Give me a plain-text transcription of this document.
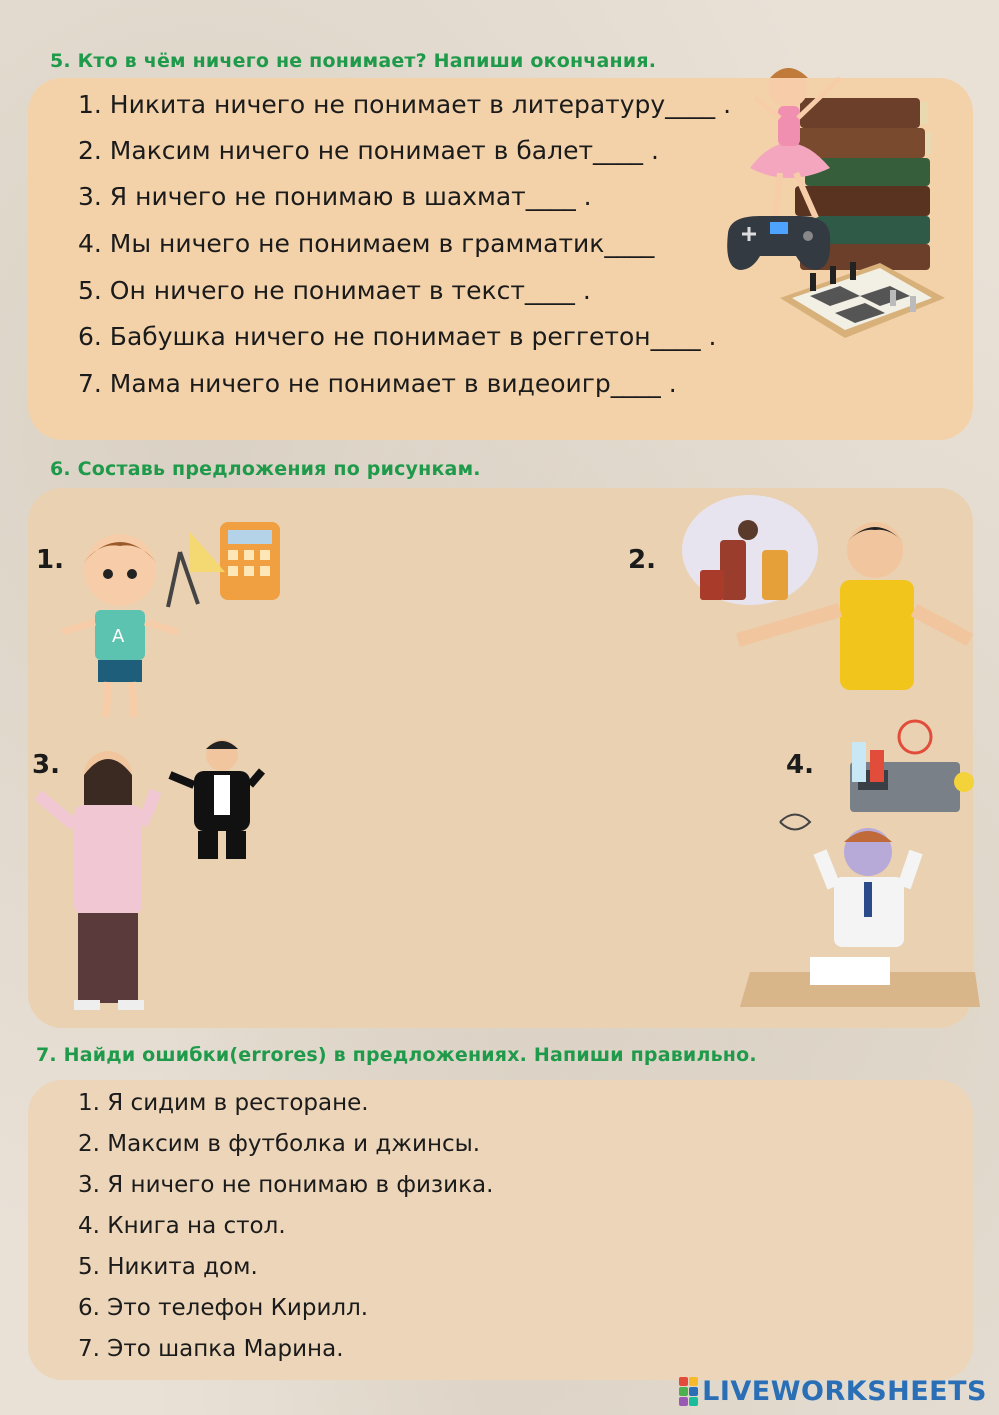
5. Кто в чём ничего не понимает? Напиши окончания.
1. Никита ничего не понимает в литературу____ .
2. Максим ничего не понимает в балет____ .
3. Я ничего не понимаю в шахмат____ .
4. Мы ничего не понимаем в грамматик____
5. Он ничего не понимает в текст____ .
6. Бабушка ничего не понимает в реггетон____ .
7. Мама ничего не понимает в видеоигр____ .
6. Составь предложения по рисункам.
1.	2.
3.	4.
A
7. Найди ошибки(errores) в предложениях. Напиши правильно.
1. Я сидим в ресторане.
2. Максим в футболка и джинсы.
3. Я ничего не понимаю в физика.
4. Книга на стол.
5. Никита дом.
6. Это телефон Кирилл.
7. Это шапка Марина.
LIVEWORKSHEETS
